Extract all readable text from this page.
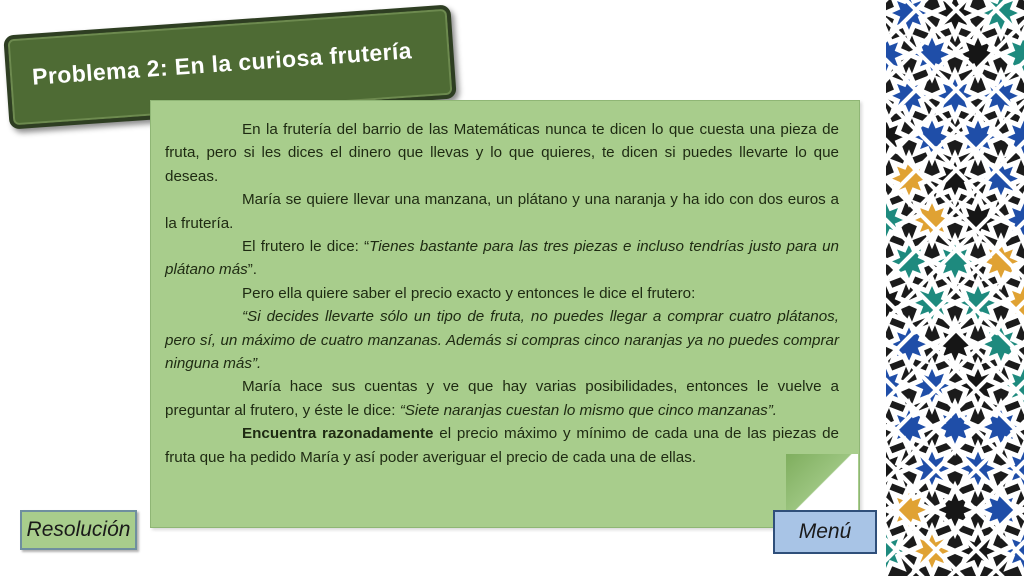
Problema 2: En la curiosa frutería

En la frutería del barrio de las Matemáticas nunca te dicen lo que cuesta una pieza de fruta, pero si les dices el dinero que llevas y lo que quieres, te dicen si puedes llevarte lo que deseas.

María se quiere llevar una manzana, un plátano y una naranja y ha ido con dos euros a la frutería.

El frutero le dice: “Tienes bastante para las tres piezas e incluso tendrías justo para un plátano más”.

Pero ella quiere saber el precio exacto y entonces le dice el frutero:

“Si decides llevarte sólo un tipo de fruta, no puedes llegar a comprar cuatro plátanos, pero sí, un máximo de cuatro manzanas. Además si compras cinco naranjas ya no puedes comprar ninguna más”.

María hace sus cuentas y ve que hay varias posibilidades, entonces le vuelve a preguntar al frutero, y éste le dice: “Siete naranjas cuestan lo mismo que cinco manzanas”.

Encuentra razonadamente el precio máximo y mínimo de cada una de las piezas de fruta que ha pedido María y así poder averiguar el precio de cada una de ellas.

Resolución	Menú
